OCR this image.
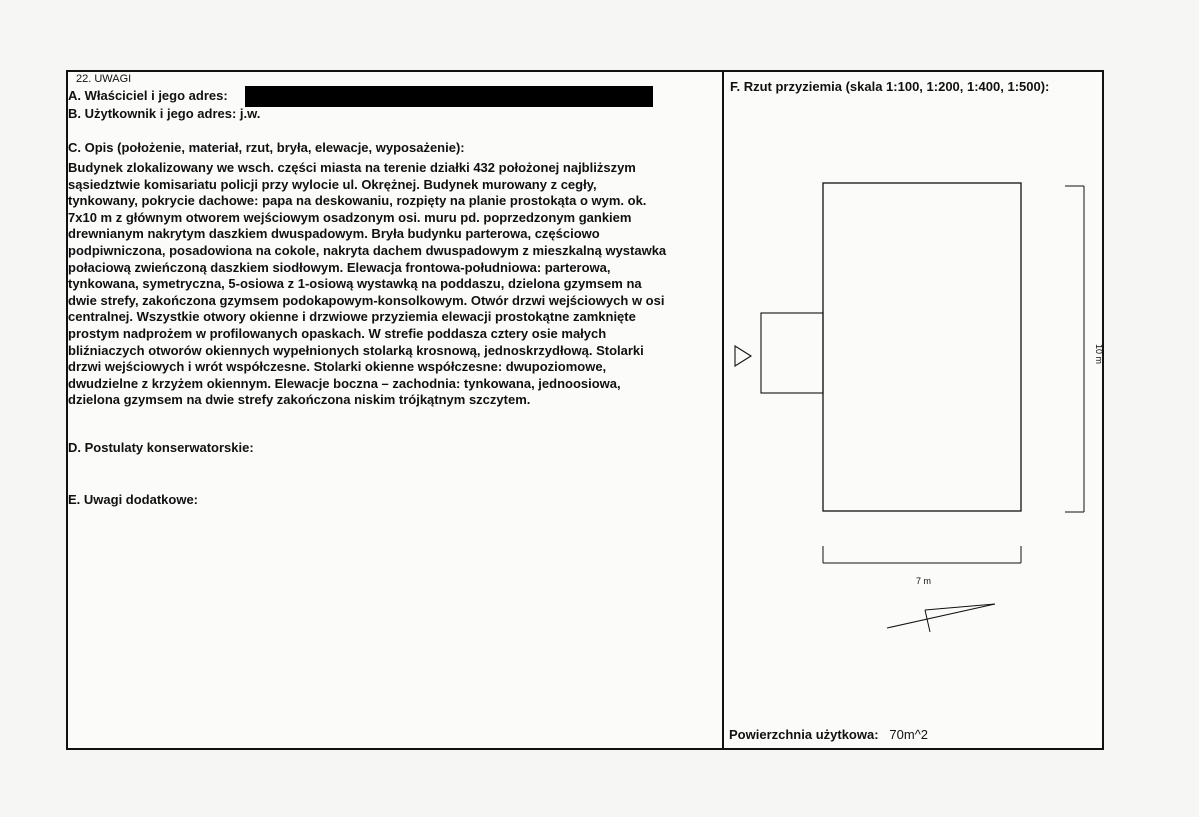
22. UWAGI
A. Właściciel i jego adres:
B. Użytkownik i jego adres: j.w.
C. Opis (położenie, materiał, rzut, bryła, elewacje, wyposażenie):
Budynek zlokalizowany we wsch. części miasta na terenie działki 432 położonej najbliższym
sąsiedztwie komisariatu policji przy wylocie ul. Okrężnej. Budynek murowany z cegły,
tynkowany, pokrycie dachowe: papa na deskowaniu, rozpięty na planie prostokąta o wym. ok.
7x10 m z głównym otworem wejściowym osadzonym osi. muru pd. poprzedzonym gankiem
drewnianym nakrytym daszkiem dwuspadowym. Bryła budynku parterowa, częściowo
podpiwniczona, posadowiona na cokole, nakryta dachem dwuspadowym z mieszkalną wystawka
połaciową zwieńczoną daszkiem siodłowym. Elewacja frontowa-południowa: parterowa,
tynkowana, symetryczna, 5-osiowa z 1-osiową wystawką na poddaszu, dzielona gzymsem na
dwie strefy, zakończona gzymsem podokapowym-konsolkowym. Otwór drzwi wejściowych w osi
centralnej. Wszystkie otwory okienne i drzwiowe przyziemia elewacji prostokątne zamknięte
prostym nadprożem w profilowanych opaskach. W strefie poddasza cztery osie małych
bliźniaczych otworów okiennych wypełnionych stolarką krosnową, jednoskrzydłową. Stolarki
drzwi wejściowych i wrót współczesne. Stolarki okienne współczesne: dwupoziomowe,
dwudzielne z krzyżem okiennym. Elewacje boczna – zachodnia: tynkowana, jednoosiowa,
dzielona gzymsem na dwie strefy zakończona niskim trójkątnym szczytem.
D. Postulaty konserwatorskie:
E. Uwagi dodatkowe:
F. Rzut przyziemia (skala 1:100, 1:200, 1:400, 1:500):
10 m
7 m
Powierzchnia użytkowa: 70m^2
